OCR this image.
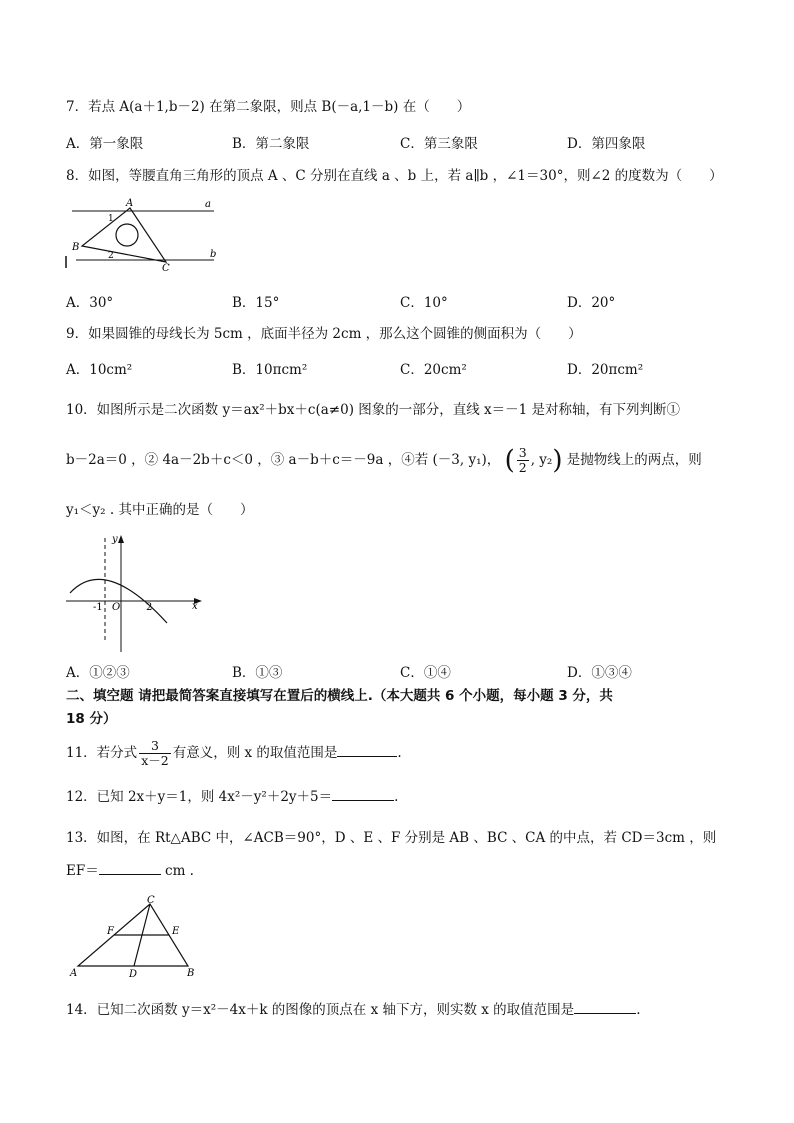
7．若点 A(a＋1,b－2) 在第二象限，则点 B(－a,1－b) 在（　　）
A．第一象限	B．第二象限	C．第三象限	D．第四象限
8．如图，等腰直角三角形的顶点 A 、C 分别在直线 a 、b 上，若 a∥b ，∠1＝30°，则∠2 的度数为（　　）
A	a
1
B
2
C
b
A．30°	B．15°	C．10°	D．20°
9．如果圆锥的母线长为 5cm ，底面半径为 2cm ，那么这个圆锥的侧面积为（　　）
A．10cm²	B．10πcm²	C．20cm²	D．20πcm²
10．如图所示是二次函数 y＝ax²＋bx＋c(a≠0) 图象的一部分，直线 x＝－1 是对称轴，有下列判断①
b－2a＝0 ，② 4a－2b＋c＜0 ，③ a－b＋c＝－9a ，④若 (－3, y₁)， ( $\frac{3}{2}$ , y₂) 是抛物线上的两点，则
y₁＜y₂ . 其中正确的是（　　）
y
x
O
-1	2
A．①②③	B．①③	C．①④	D．①③④
二、填空题 请把最简答案直接填写在置后的横线上.（本大题共 6 个小题，每小题 3 分，共
18 分）
11．若分式 $\frac{3}{x-2}$ 有意义，则 x 的取值范围是	.
12．已知 2x＋y＝1，则 4x²－y²＋2y＋5＝	.
13．如图，在 Rt△ABC 中，∠ACB＝90°，D 、E 、F 分别是 AB 、BC 、CA 的中点，若 CD＝3cm ，则
EF＝	cm .
C
F	E
A	D	B
14．已知二次函数 y＝x²－4x＋k 的图像的顶点在 x 轴下方，则实数 x 的取值范围是	.
